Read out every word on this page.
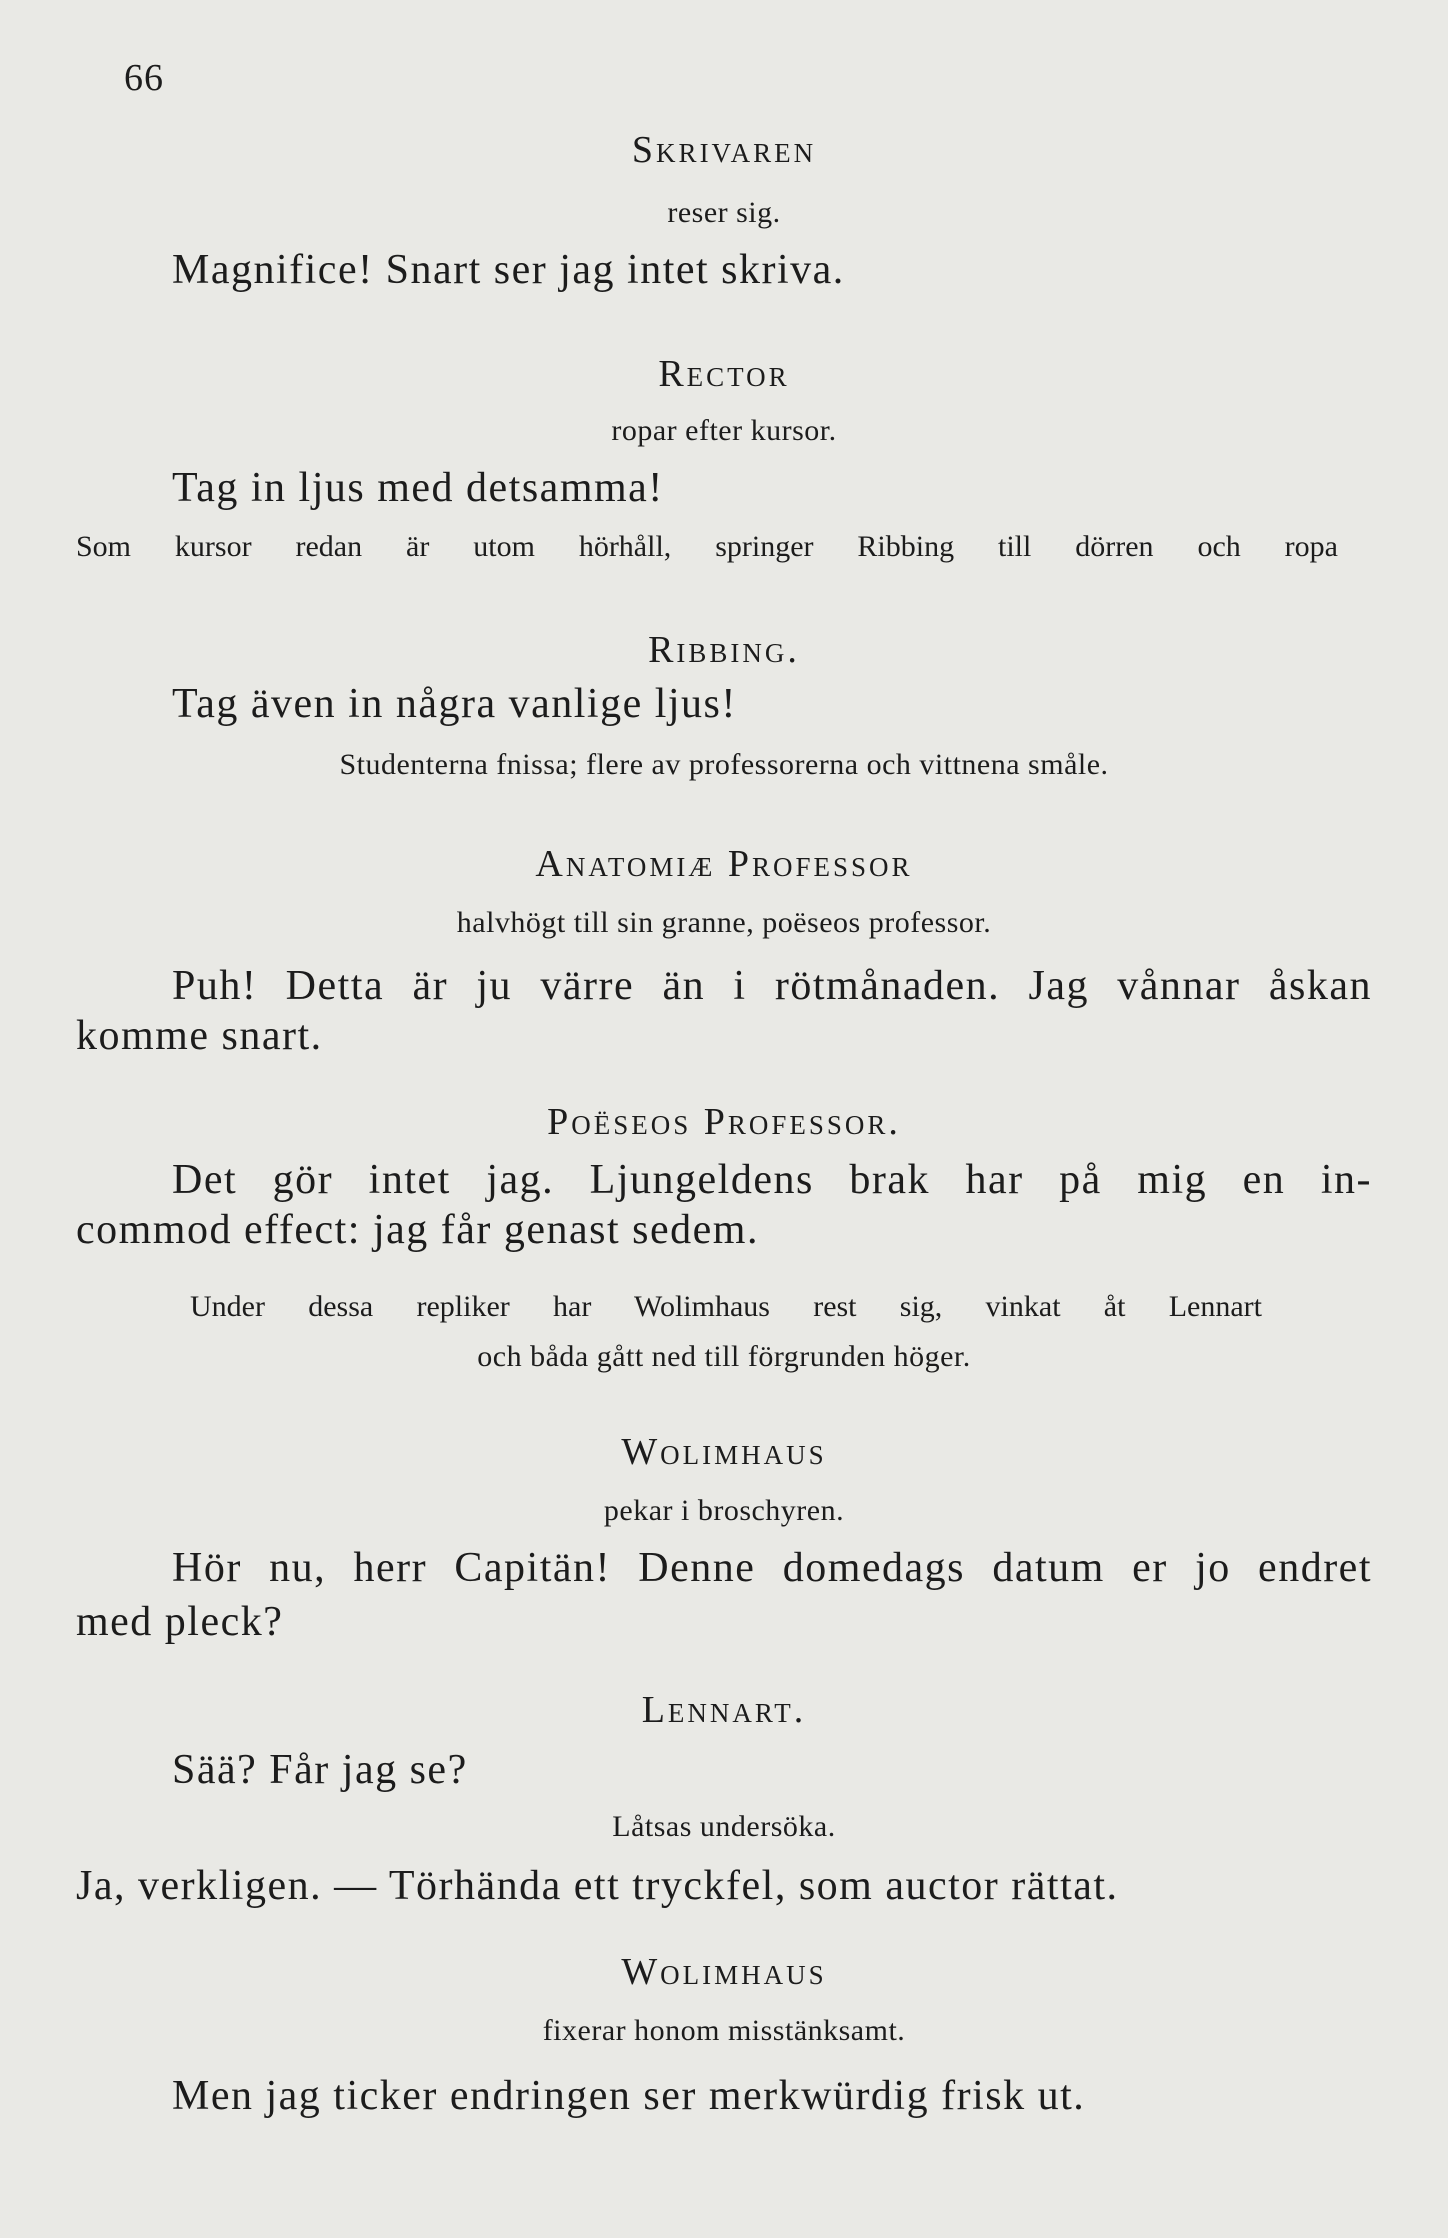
66
Skrivaren
reser sig.
Magnifice! Snart ser jag intet skriva.
Rector
ropar efter kursor.
Tag in ljus med detsamma!
Som kursor redan är utom hörhåll, springer Ribbing till dörren och ropa
Ribbing.
Tag även in några vanlige ljus!
Studenterna fnissa; flere av professorerna och vittnena småle.
Anatomiæ Professor
halvhögt till sin granne, poëseos professor.
Puh! Detta är ju värre än i rötmånaden. Jag vånnar åskan
komme snart.
Poëseos Professor.
Det gör intet jag. Ljungeldens brak har på mig en in-
commod effect: jag får genast sedem.
Under dessa repliker har Wolimhaus rest sig, vinkat åt Lennart
och båda gått ned till förgrunden höger.
Wolimhaus
pekar i broschyren.
Hör nu, herr Capitän! Denne domedags datum er jo endret
med pleck?
Lennart.
Sää? Får jag se?
Låtsas undersöka.
Ja, verkligen. — Törhända ett tryckfel, som auctor rättat.
Wolimhaus
fixerar honom misstänksamt.
Men jag ticker endringen ser merkwürdig frisk ut.
